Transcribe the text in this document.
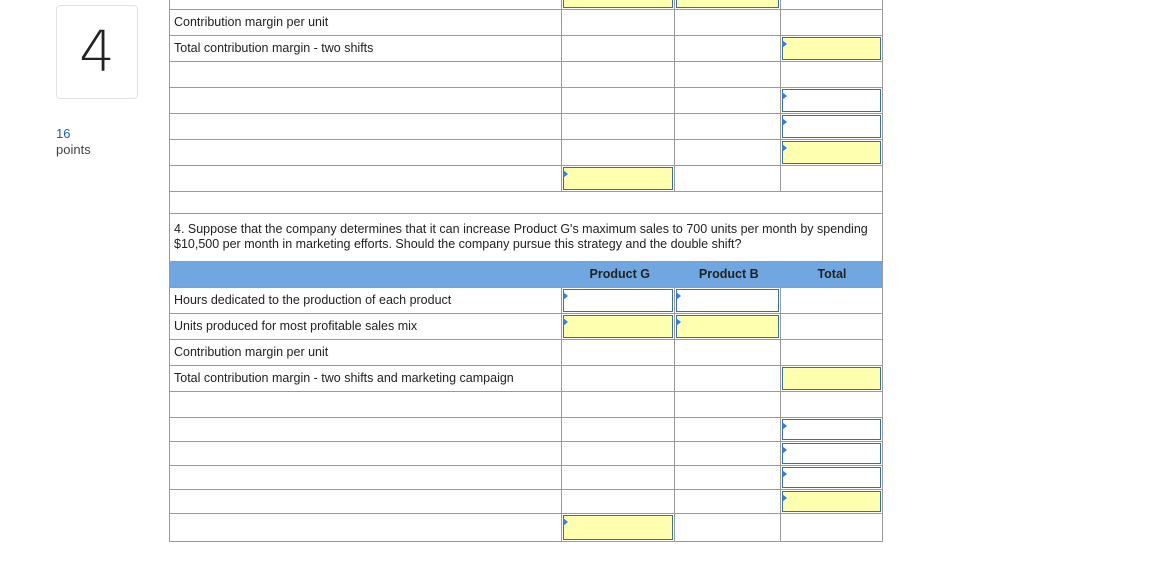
4
16
points
Contribution margin per unit
Total contribution margin - two shifts
4. Suppose that the company determines that it can increase Product G's maximum sales to 700 units per month by spending $10,500 per month in marketing efforts. Should the company pursue this strategy and the double shift?
Product G	Product B	Total
Hours dedicated to the production of each product
Units produced for most profitable sales mix
Contribution margin per unit
Total contribution margin - two shifts and marketing campaign
